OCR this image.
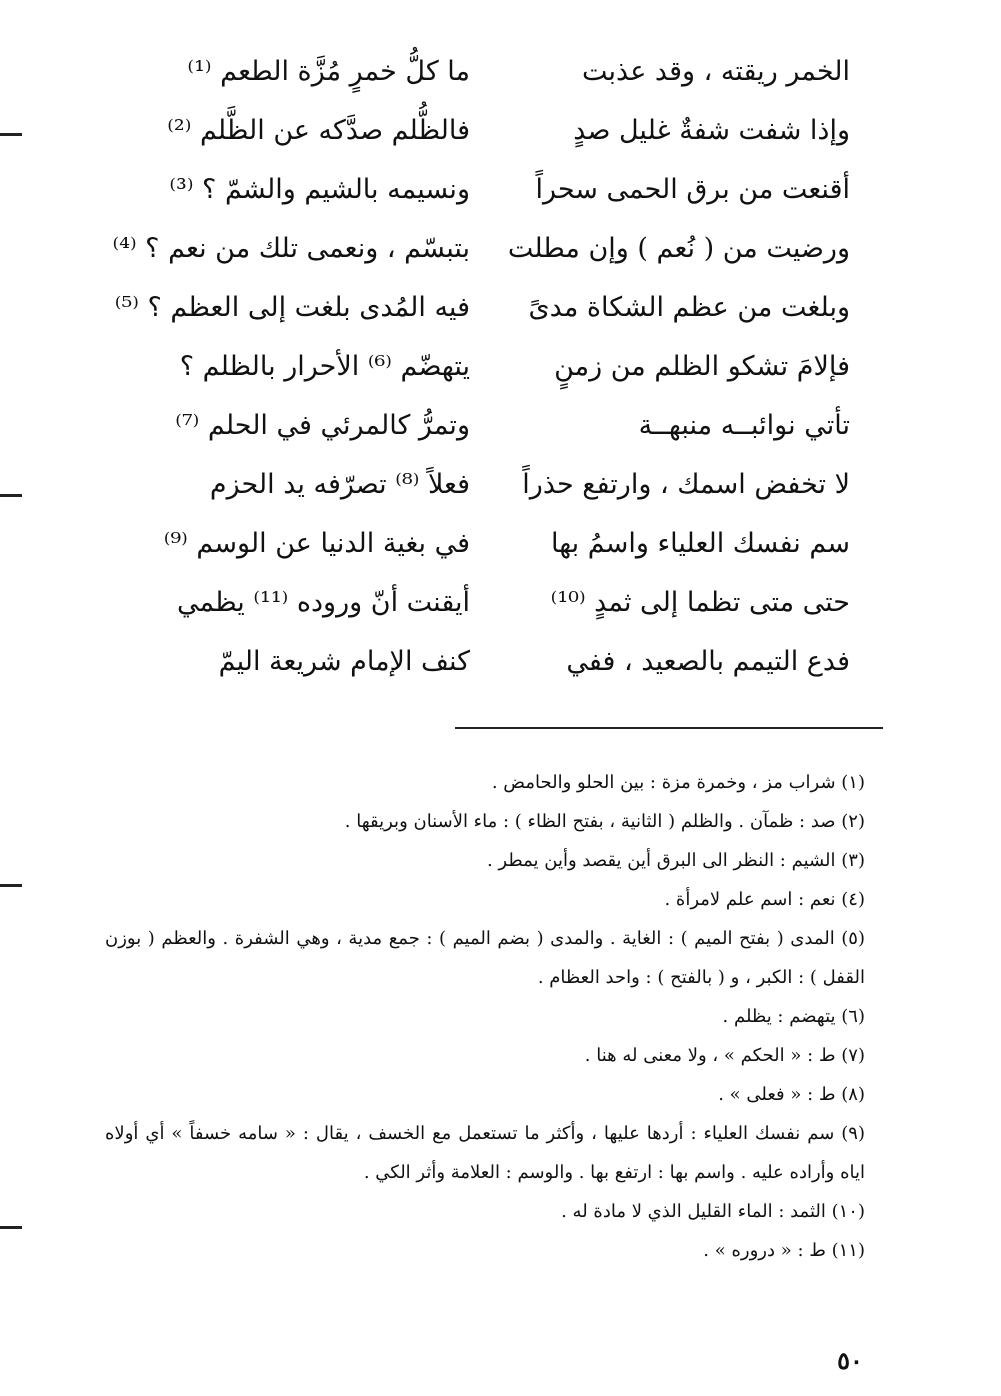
الخمر ريقته ، وقد عذبت
ما كلُّ خمرٍ مُزَّة الطعم ⁽¹⁾
وإذا شفت شفةٌ غليل صدٍ
فالظُّلم صدَّكه عن الظَّلم ⁽²⁾
أقنعت من برق الحمى سحراً
ونسيمه بالشيم والشمّ ؟ ⁽³⁾
ورضيت من ( نُعم ) وإن مطلت
بتبسّم ، ونعمى تلك من نعم ؟ ⁽⁴⁾
وبلغت من عظم الشكاة مدىً
فيه المُدى بلغت إلى العظم ؟ ⁽⁵⁾
فإلامَ تشكو الظلم من زمنٍ
يتهضّم ⁽⁶⁾ الأحرار بالظلم ؟
تأتي نوائبــه منبهــة
وتمرُّ كالمرئي في الحلم ⁽⁷⁾
لا تخفض اسمك ، وارتفع حذراً
فعلاً ⁽⁸⁾ تصرّفه يد الحزم
سم نفسك العلياء واسمُ بها
في بغية الدنيا عن الوسم ⁽⁹⁾
حتى متى تظما إلى ثمدٍ ⁽¹⁰⁾
أيقنت أنّ وروده ⁽¹¹⁾ يظمي
فدع التيمم بالصعيد ، ففي
كنف الإمام شريعة اليمّ
(١) شراب مز ، وخمرة مزة : بين الحلو والحامض .
(٢) صد : ظمآن . والظلم ( الثانية ، بفتح الظاء ) : ماء الأسنان وبريقها .
(٣) الشيم : النظر الى البرق أين يقصد وأين يمطر .
(٤) نعم : اسم علم لامرأة .
(٥) المدى ( بفتح الميم ) : الغاية . والمدى ( بضم الميم ) : جمع مدية ، وهي الشفرة . والعظم ( بوزن القفل ) : الكبر ، و ( بالفتح ) : واحد العظام .
(٦) يتهضم : يظلم .
(٧) ط : « الحكم » ، ولا معنى له هنا .
(٨) ط : « فعلى » .
(٩) سم نفسك العلياء : أردها عليها ، وأكثر ما تستعمل مع الخسف ، يقال : « سامه خسفاً » أي أولاه اياه وأراده عليه . واسم بها : ارتفع بها . والوسم : العلامة وأثر الكي .
(١٠) الثمد : الماء القليل الذي لا مادة له .
(١١) ط : « دروره » .
٥٠
